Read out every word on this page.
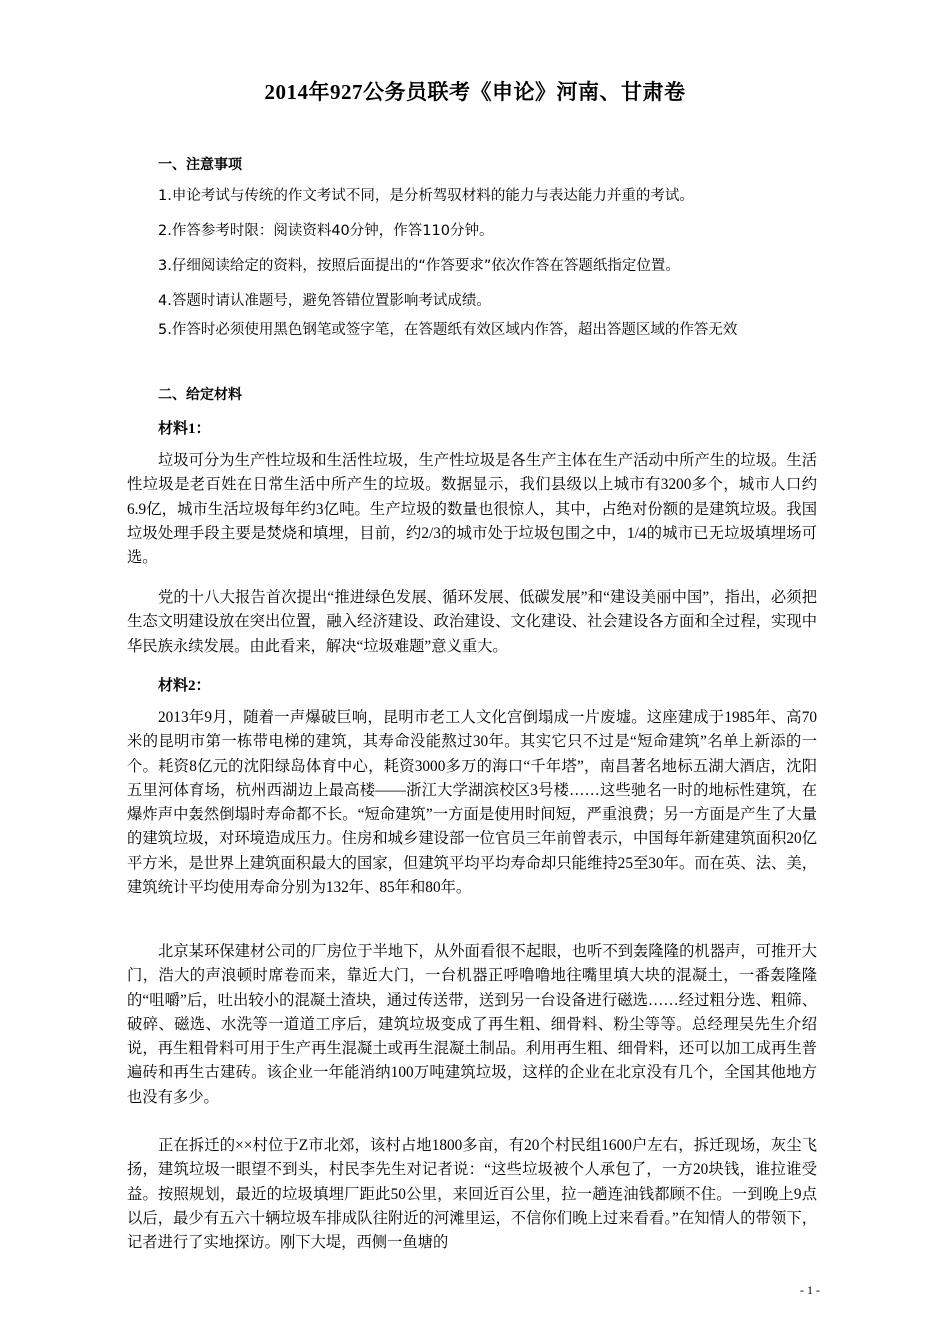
2014年927公务员联考《申论》河南、甘肃卷
一、注意事项
1.申论考试与传统的作文考试不同，是分析驾驭材料的能力与表达能力并重的考试。
2.作答参考时限：阅读资料40分钟，作答110分钟。
3.仔细阅读给定的资料，按照后面提出的“作答要求”依次作答在答题纸指定位置。
4.答题时请认准题号，避免答错位置影响考试成绩。
5.作答时必须使用黑色钢笔或签字笔，在答题纸有效区域内作答，超出答题区域的作答无效
二、给定材料
材料1：

垃圾可分为生产性垃圾和生活性垃圾，生产性垃圾是各生产主体在生产活动中所产生的垃圾。生活性垃圾是老百姓在日常生活中所产生的垃圾。数据显示，我们县级以上城市有3200多个，城市人口约6.9亿，城市生活垃圾每年约3亿吨。生产垃圾的数量也很惊人，其中，占绝对份额的是建筑垃圾。我国垃圾处理手段主要是焚烧和填埋，目前，约2/3的城市处于垃圾包围之中，1/4的城市已无垃圾填埋场可选。

党的十八大报告首次提出“推进绿色发展、循环发展、低碳发展”和“建设美丽中国”，指出，必须把生态文明建设放在突出位置，融入经济建设、政治建设、文化建设、社会建设各方面和全过程，实现中华民族永续发展。由此看来，解决“垃圾难题”意义重大。

材料2：

2013年9月，随着一声爆破巨响，昆明市老工人文化宫倒塌成一片废墟。这座建成于1985年、高70米的昆明市第一栋带电梯的建筑，其寿命没能熬过30年。其实它只不过是“短命建筑”名单上新添的一个。耗资8亿元的沈阳绿岛体育中心，耗资3000多万的海口“千年塔”，南昌著名地标五湖大酒店，沈阳五里河体育场，杭州西湖边上最高楼——浙江大学湖滨校区3号楼……这些驰名一时的地标性建筑，在爆炸声中轰然倒塌时寿命都不长。“短命建筑”一方面是使用时间短，严重浪费；另一方面是产生了大量的建筑垃圾，对环境造成压力。住房和城乡建设部一位官员三年前曾表示，中国每年新建建筑面积20亿平方米，是世界上建筑面积最大的国家，但建筑平均平均寿命却只能维持25至30年。而在英、法、美，建筑统计平均使用寿命分别为132年、85年和80年。

北京某环保建材公司的厂房位于半地下，从外面看很不起眼，也听不到轰隆隆的机器声，可推开大门，浩大的声浪顿时席卷而来，靠近大门，一台机器正呼噜噜地往嘴里填大块的混凝土，一番轰隆隆的“咀嚼”后，吐出较小的混凝土渣块，通过传送带，送到另一台设备进行磁选……经过粗分选、粗筛、破碎、磁选、水洗等一道道工序后，建筑垃圾变成了再生粗、细骨料、粉尘等等。总经理吴先生介绍说，再生粗骨料可用于生产再生混凝土或再生混凝土制品。利用再生粗、细骨料，还可以加工成再生普遍砖和再生古建砖。该企业一年能消纳100万吨建筑垃圾，这样的企业在北京没有几个，全国其他地方也没有多少。

正在拆迁的××村位于Z市北郊，该村占地1800多亩，有20个村民组1600户左右，拆迁现场，灰尘飞扬，建筑垃圾一眼望不到头，村民李先生对记者说：“这些垃圾被个人承包了，一方20块钱，谁拉谁受益。按照规划，最近的垃圾填埋厂距此50公里，来回近百公里，拉一趟连油钱都顾不住。一到晚上9点以后，最少有五六十辆垃圾车排成队往附近的河滩里运，不信你们晚上过来看看。”在知情人的带领下，记者进行了实地探访。刚下大堤，西侧一鱼塘的

- 1 -
